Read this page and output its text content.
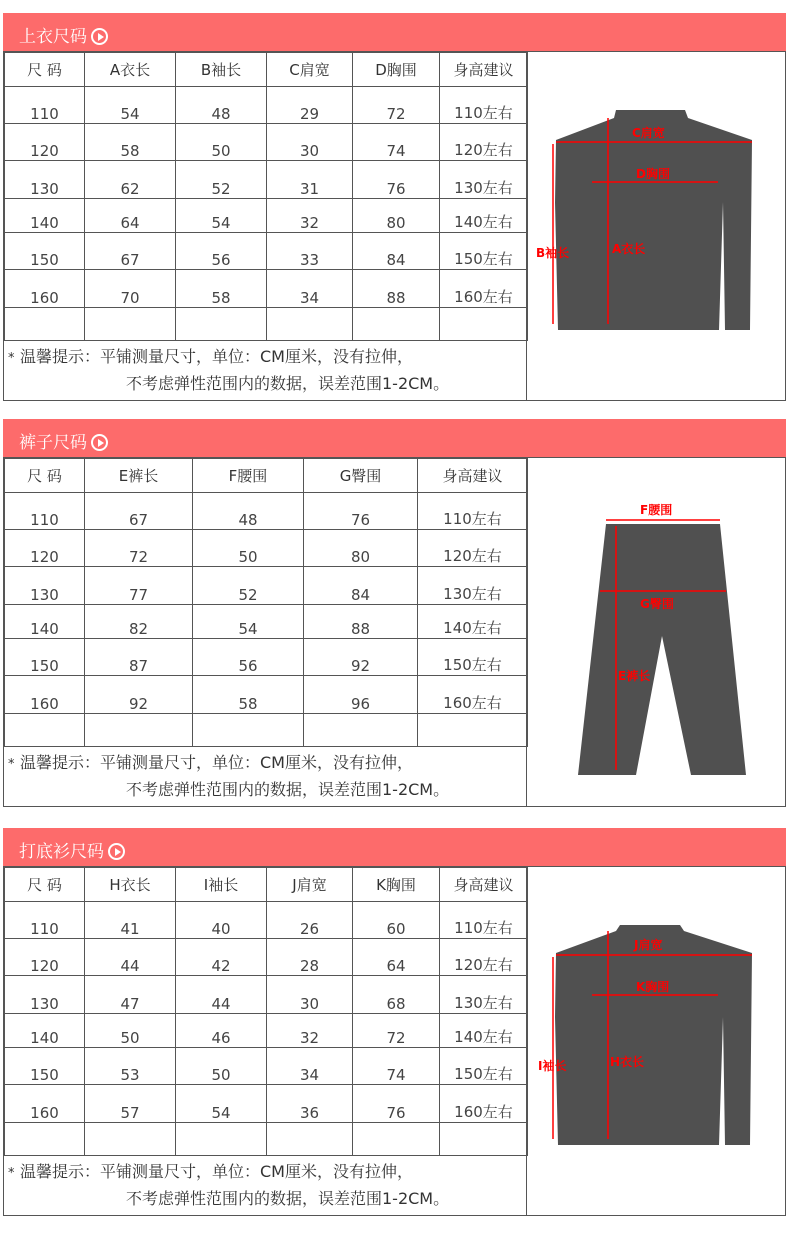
上衣尺码
尺 码	A衣长	B袖长	C肩宽	D胸围	身高建议
110	54	48	29	72	110左右
120	58	50	30	74	120左右
130	62	52	31	76	130左右
140	64	54	32	80	140左右
150	67	56	33	84	150左右
160	70	58	34	88	160左右

* 温馨提示：平铺测量尺寸，单位：CM厘米，没有拉伸，
不考虑弹性范围内的数据，误差范围1-2CM。
C肩宽
D胸围
B袖长	A衣长
裤子尺码
尺 码	E裤长	F腰围	G臀围	身高建议
110	67	48	76	110左右
120	72	50	80	120左右
130	77	52	84	130左右
140	82	54	88	140左右
150	87	56	92	150左右
160	92	58	96	160左右

* 温馨提示：平铺测量尺寸，单位：CM厘米，没有拉伸，
不考虑弹性范围内的数据，误差范围1-2CM。
F腰围
G臀围
E裤长
打底衫尺码
尺 码	H衣长	I袖长	J肩宽	K胸围	身高建议
110	41	40	26	60	110左右
120	44	42	28	64	120左右
130	47	44	30	68	130左右
140	50	46	32	72	140左右
150	53	50	34	74	150左右
160	57	54	36	76	160左右

* 温馨提示：平铺测量尺寸，单位：CM厘米，没有拉伸，
不考虑弹性范围内的数据，误差范围1-2CM。
J肩宽
K胸围
I袖长	H衣长
